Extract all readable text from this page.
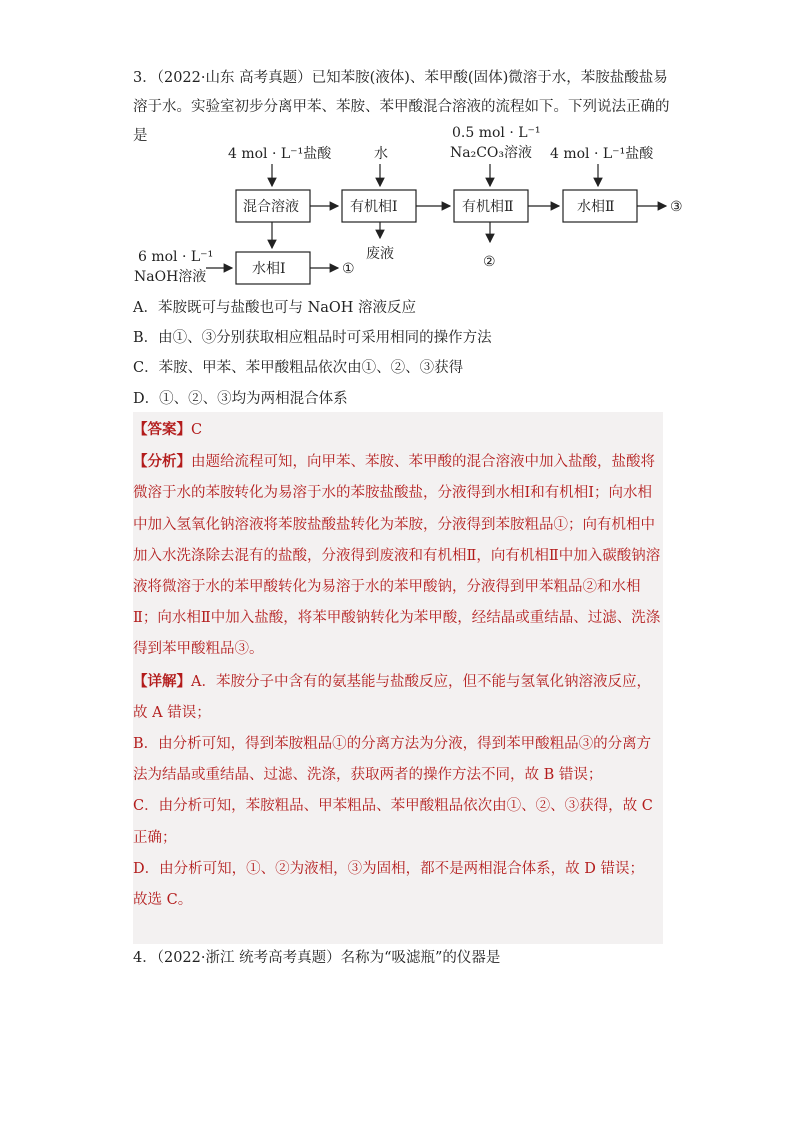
3．（2022·山东 高考真题）已知苯胺(液体)、苯甲酸(固体)微溶于水，苯胺盐酸盐易溶于水。实验室初步分离甲苯、苯胺、苯甲酸混合溶液的流程如下。下列说法正确的是
4 mol · L⁻¹盐酸	水
0.5 mol · L⁻¹
Na₂CO₃溶液 4 mol · L⁻¹盐酸
混合溶液	有机相Ⅰ	有机相Ⅱ	水相Ⅱ	③
废液	②
水相Ⅰ
6 mol · L⁻¹
NaOH溶液	①
A．苯胺既可与盐酸也可与 NaOH 溶液反应
B．由①、③分别获取相应粗品时可采用相同的操作方法
C．苯胺、甲苯、苯甲酸粗品依次由①、②、③获得
D．①、②、③均为两相混合体系

【答案】C

【分析】由题给流程可知，向甲苯、苯胺、苯甲酸的混合溶液中加入盐酸，盐酸将微溶于水的苯胺转化为易溶于水的苯胺盐酸盐，分液得到水相Ⅰ和有机相Ⅰ；向水相中加入氢氧化钠溶液将苯胺盐酸盐转化为苯胺，分液得到苯胺粗品①；向有机相中加入水洗涤除去混有的盐酸，分液得到废液和有机相Ⅱ，向有机相Ⅱ中加入碳酸钠溶液将微溶于水的苯甲酸转化为易溶于水的苯甲酸钠，分液得到甲苯粗品②和水相Ⅱ；向水相Ⅱ中加入盐酸，将苯甲酸钠转化为苯甲酸，经结晶或重结晶、过滤、洗涤得到苯甲酸粗品③。

【详解】A．苯胺分子中含有的氨基能与盐酸反应，但不能与氢氧化钠溶液反应，故 A 错误；

B．由分析可知，得到苯胺粗品①的分离方法为分液，得到苯甲酸粗品③的分离方法为结晶或重结晶、过滤、洗涤，获取两者的操作方法不同，故 B 错误；

C．由分析可知，苯胺粗品、甲苯粗品、苯甲酸粗品依次由①、②、③获得，故 C 正确；

D．由分析可知，①、②为液相，③为固相，都不是两相混合体系，故 D 错误；

故选 C。

4．（2022·浙江 统考高考真题）名称为“吸滤瓶”的仪器是
